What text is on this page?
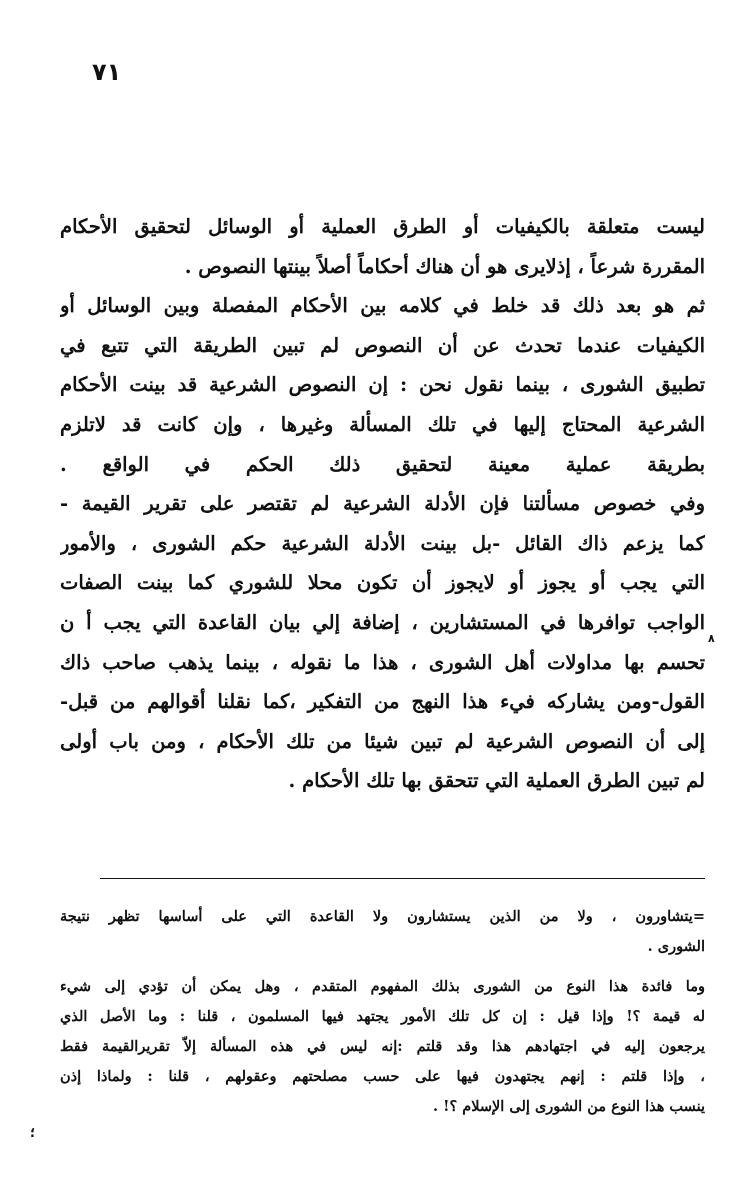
٧١
ليست متعلقة بالكيفيات أو الطرق العملية أو الوسائل لتحقيق الأحكام
المقررة شرعاً ، إذلايرى هو أن هناك أحكاماً أصلاً بينتها النصوص .
ثم هو بعد ذلك قد خلط في كلامه بين الأحكام المفصلة وبين الوسائل أو
الكيفيات عندما تحدث عن أن النصوص لم تبين الطريقة التي تتبع في
تطبيق الشورى ، بينما نقول نحن : إن النصوص الشرعية قد بينت الأحكام
الشرعية المحتاج إليها في تلك المسألة وغيرها ، وإن كانت قد لاتلزم
بطريقة عملية معينة لتحقيق ذلك الحكم في الواقع .
وفي خصوص مسألتنا فإن الأدلة الشرعية لم تقتصر على تقرير القيمة -
كما يزعم ذاك القائل -بل بينت الأدلة الشرعية حكم الشورى ، والأمور
التي يجب أو يجوز أو لايجوز أن تكون محلا للشوري كما بينت الصفات
الواجب توافرها في المستشارين ، إضافة إلي بيان القاعدة التي يجب أ ن
تحسم بها مداولات أهل الشورى ، هذا ما نقوله ، بينما يذهب صاحب ذاك
القول-ومن يشاركه فيء هذا النهج من التفكير ،كما نقلنا أقوالهم من قبل-
إلى أن النصوص الشرعية لم تبين شيئا من تلك الأحكام ، ومن باب أولى
لم تبين الطرق العملية التي تتحقق بها تلك الأحكام .
٨
=يتشاورون ، ولا من الذين يستشارون ولا القاعدة التي على أساسها تظهر نتيجة
الشورى .
وما فائدة هذا النوع من الشورى بذلك المفهوم المتقدم ، وهل يمكن أن تؤدي إلى شيء
له قيمة ؟! وإذا قيل : إن كل تلك الأمور يجتهد فيها المسلمون ، قلنا : وما الأصل الذي
يرجعون إليه في اجتهادهم هذا وقد قلتم :إنه ليس في هذه المسألة إلاّ تقريرالقيمة فقط
، وإذا قلتم : إنهم يجتهدون فيها على حسب مصلحتهم وعقولهم ، قلنا : ولماذا إذن
ينسب هذا النوع من الشورى إلى الإسلام ؟! .
؛
